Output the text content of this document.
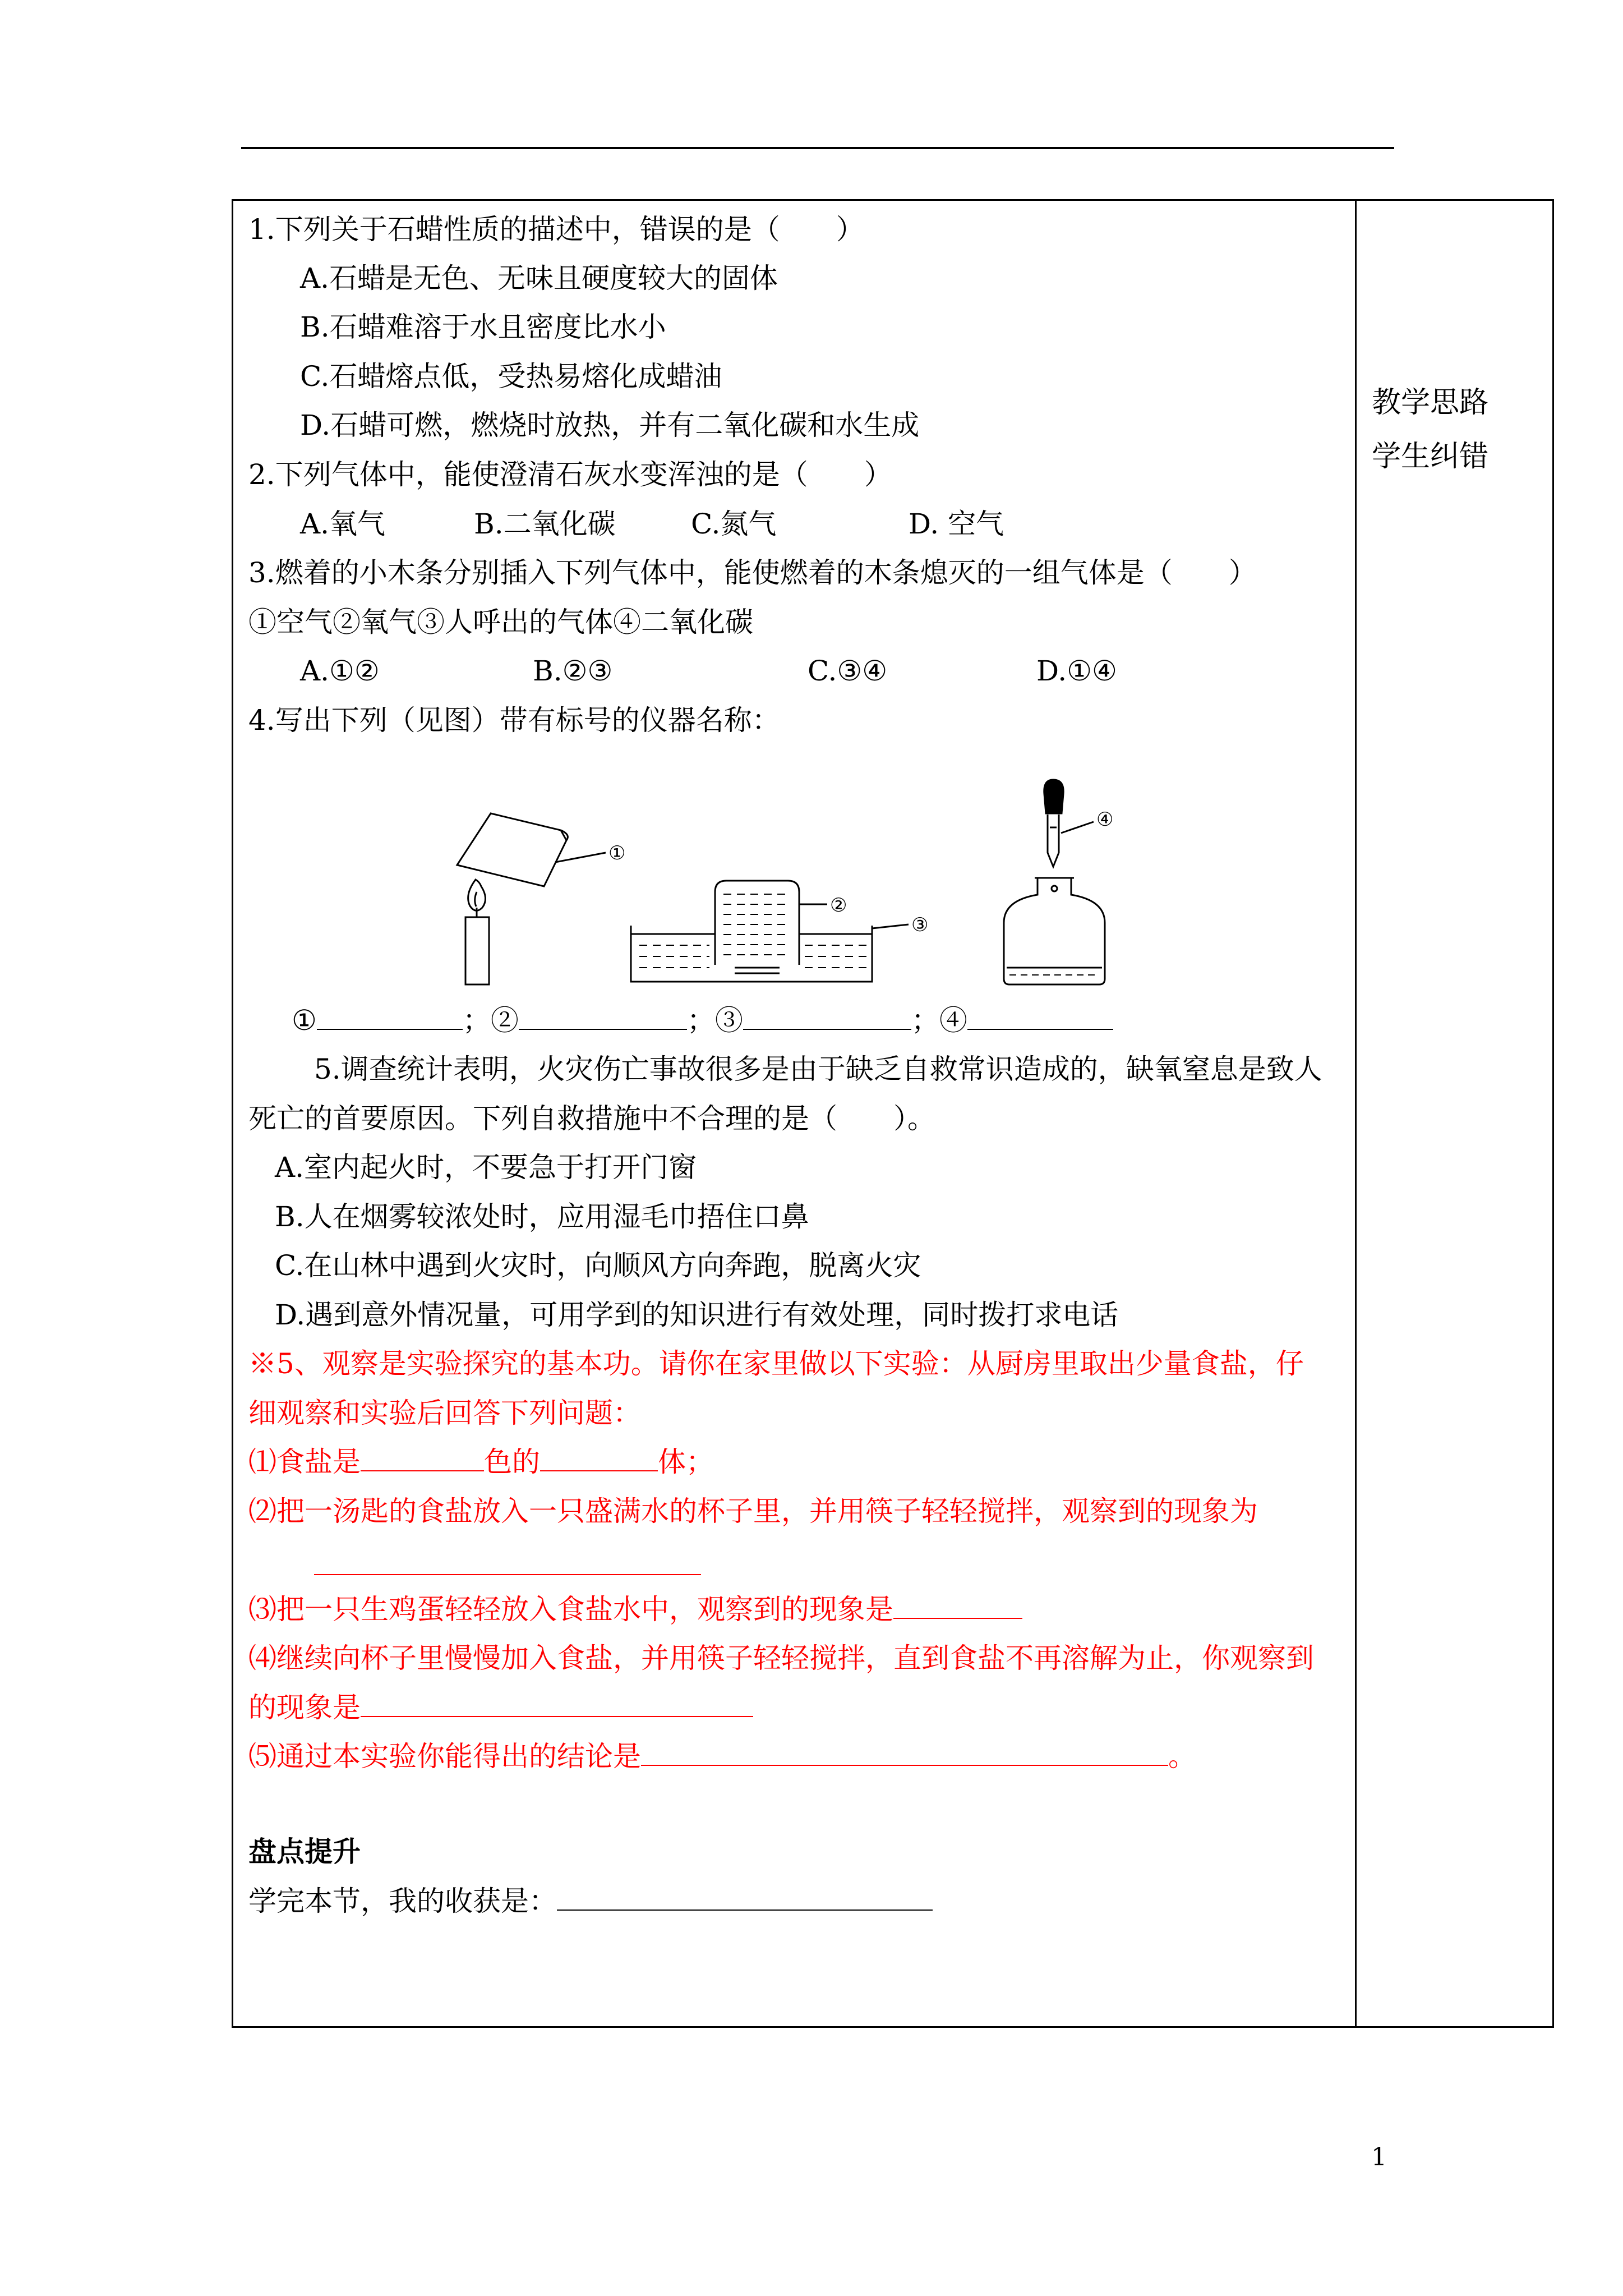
教学思路
学生纠错
1.下列关于石蜡性质的描述中，错误的是（　　）
A.石蜡是无色、无味且硬度较大的固体
B.石蜡难溶于水且密度比水小
C.石蜡熔点低，受热易熔化成蜡油
D.石蜡可燃，燃烧时放热，并有二氧化碳和水生成
2.下列气体中，能使澄清石灰水变浑浊的是（　　）
A.氧气	B.二氧化碳	C.氮气	D. 空气
3.燃着的小木条分别插入下列气体中，能使燃着的木条熄灭的一组气体是（　　）
①空气②氧气③人呼出的气体④二氧化碳
A.①②	B.②③	C.③④	D.①④
4.写出下列（见图）带有标号的仪器名称：
①
②
③
④
①	；②	；③	；④
5.调查统计表明，火灾伤亡事故很多是由于缺乏自救常识造成的，缺氧窒息是致人
死亡的首要原因。下列自救措施中不合理的是（　　）。
A.室内起火时，不要急于打开门窗
B.人在烟雾较浓处时，应用湿毛巾捂住口鼻
C.在山林中遇到火灾时，向顺风方向奔跑，脱离火灾
D.遇到意外情况量，可用学到的知识进行有效处理，同时拨打求电话
※5、观察是实验探究的基本功。请你在家里做以下实验：从厨房里取出少量食盐，仔
细观察和实验后回答下列问题：
⑴食盐是	色的	体；
⑵把一汤匙的食盐放入一只盛满水的杯子里，并用筷子轻轻搅拌，观察到的现象为
⑶把一只生鸡蛋轻轻放入食盐水中，观察到的现象是
⑷继续向杯子里慢慢加入食盐，并用筷子轻轻搅拌，直到食盐不再溶解为止，你观察到
的现象是
⑸通过本实验你能得出的结论是	。
盘点提升
学完本节，我的收获是：
1
